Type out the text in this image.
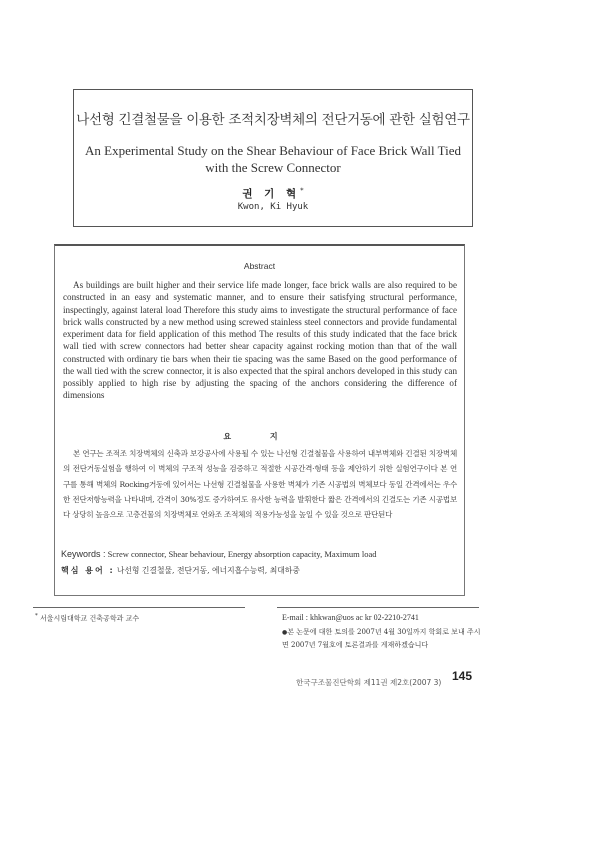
나선형 긴결철물을 이용한 조적치장벽체의 전단거동에 관한 실험연구
An Experimental Study on the Shear Behaviour of Face Brick Wall Tied
with the Screw Connector
권 기 혁*
Kwon, Ki Hyuk
Abstract

As buildings are built higher and their service life made longer, face brick walls are also required to be constructed in an easy and systematic manner, and to ensure their satisfying structural performance, inspectingly, against lateral load Therefore this study aims to investigate the structural performance of face brick walls constructed by a new method using screwed stainless steel connectors and provide fundamental experiment data for field application of this method The results of this study indicated that the face brick wall tied with screw connectors had better shear capacity against rocking motion than that of the wall constructed with ordinary tie bars when their tie spacing was the same Based on the good performance of the wall tied with the screw connector, it is also expected that the spiral anchors developed in this study can possibly applied to high rise by adjusting the spacing of the anchors considering the difference of dimensions

요 지

본 연구는 조적조 치장벽체의 신축과 보강공사에 사용될 수 있는 나선형 긴결철물을 사용하여 내부벽체와 긴결된 치장벽체의 전단거동실험을 행하여 이 벽체의 구조적 성능을 검증하고 적절한 시공간격·형태 등을 제안하기 위한 실험연구이다 본 연구를 통해 벽체의 Rocking거동에 있어서는 나선형 긴결철물을 사용한 벽체가 기존 시공법의 벽체보다 동일 간격에서는 우수한 전단저항능력을 나타내며, 간격이 30%정도 증가하여도 유사한 능력을 발휘한다 짧은 간격에서의 긴결도는 기존 시공법보다 상당히 높음으로 고층건물의 치장벽체로 연와조 조적체의 적용가능성을 높일 수 있을 것으로 판단된다

Keywords : Screw connector, Shear behaviour, Energy absorption capacity, Maximum load
핵심 용어 : 나선형 긴결철물, 전단거동, 에너지흡수능력, 최대하중
* 서울시립대학교 건축공학과 교수	E-mail : khkwan@uos ac kr 02-2210-2741
●본 논문에 대한 토의를 2007년 4월 30일까지 학회로 보내 주시면 2007년 7월호에 토론결과를 게재하겠습니다
한국구조물진단학회 제11권 제2호(2007 3) 145
